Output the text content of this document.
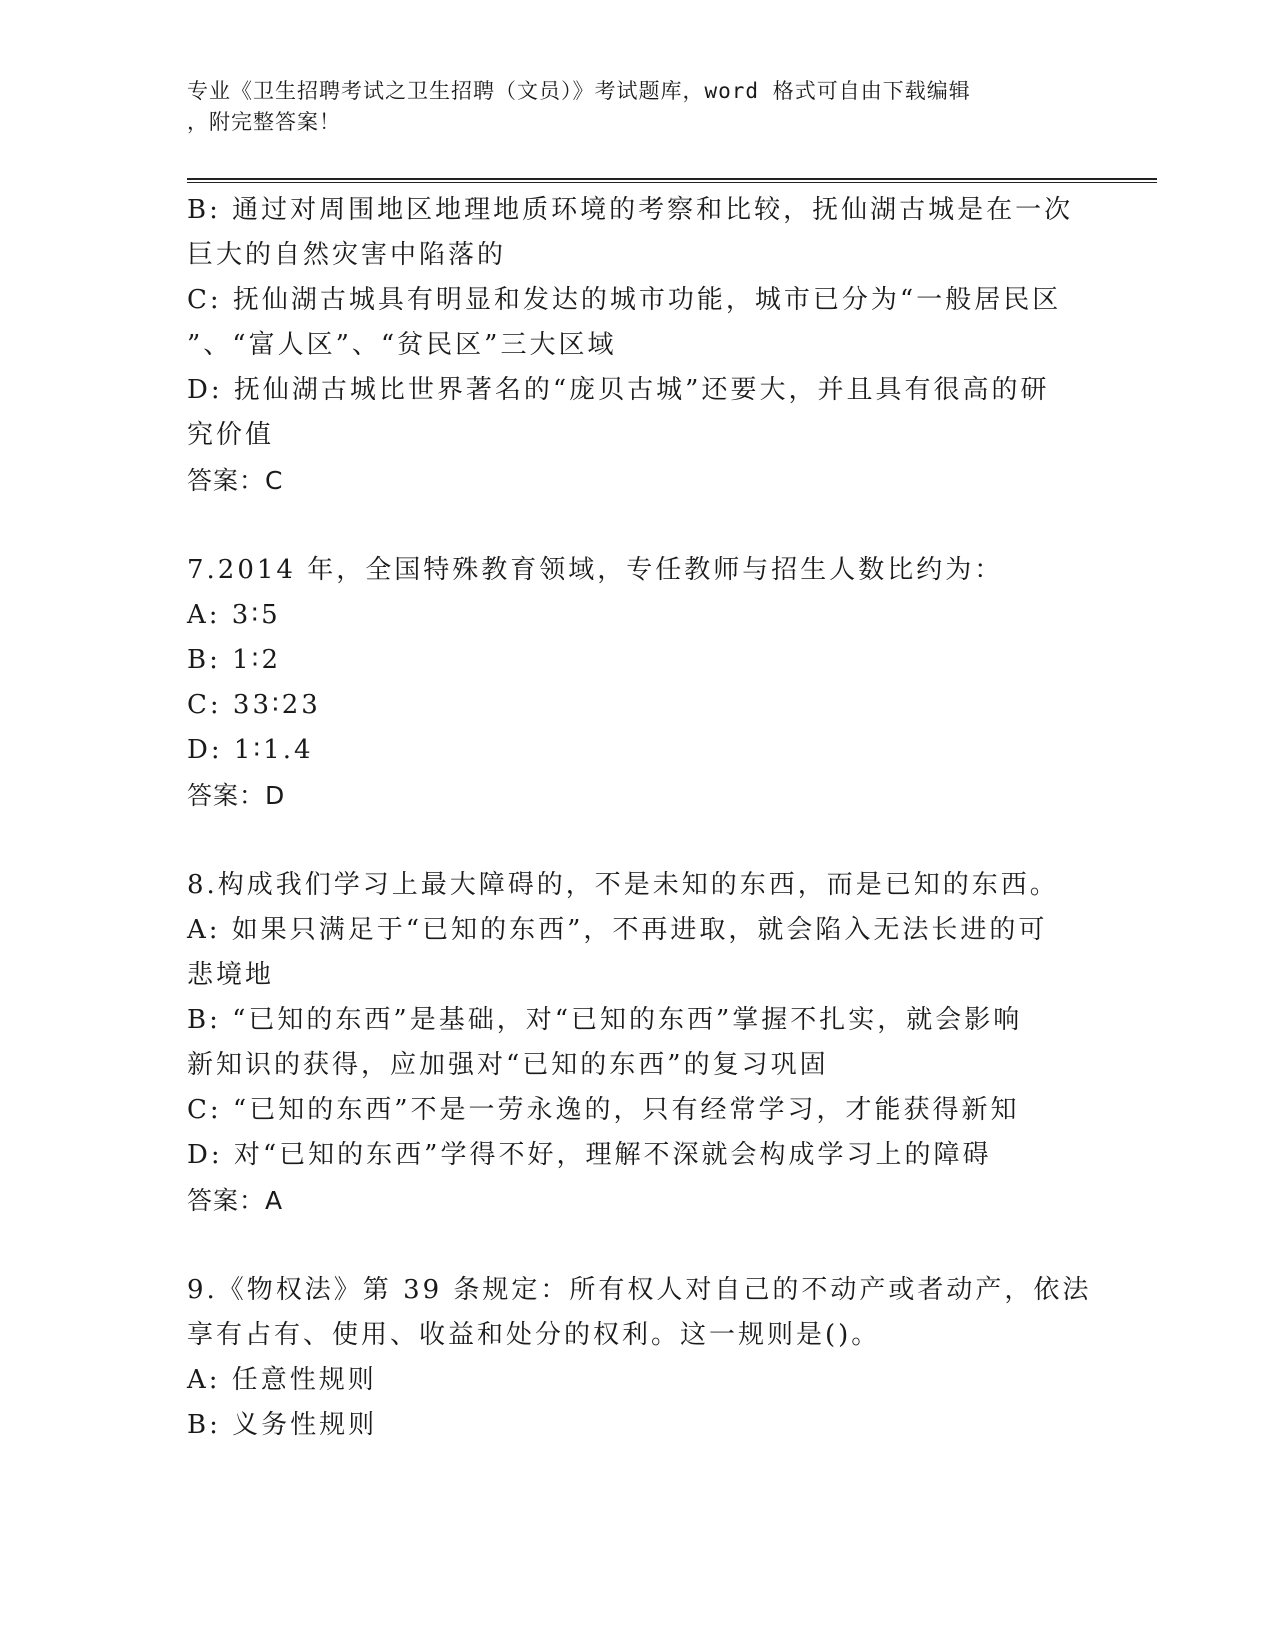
专业《卫生招聘考试之卫生招聘（文员）》考试题库，word 格式可自由下载编辑
，附完整答案！
B: 通过对周围地区地理地质环境的考察和比较，抚仙湖古城是在一次
巨大的自然灾害中陷落的
C: 抚仙湖古城具有明显和发达的城市功能，城市已分为“一般居民区
”、“富人区”、“贫民区”三大区域
D: 抚仙湖古城比世界著名的“庞贝古城”还要大，并且具有很高的研
究价值
答案：C
7.2014 年，全国特殊教育领域，专任教师与招生人数比约为：
A: 3∶5
B: 1∶2
C: 33∶23
D: 1∶1.4
答案：D
8.构成我们学习上最大障碍的，不是未知的东西，而是已知的东西。
A: 如果只满足于“已知的东西”，不再进取，就会陷入无法长进的可
悲境地
B: “已知的东西”是基础，对“已知的东西”掌握不扎实，就会影响
新知识的获得，应加强对“已知的东西”的复习巩固
C: “已知的东西”不是一劳永逸的，只有经常学习，才能获得新知
D: 对“已知的东西”学得不好，理解不深就会构成学习上的障碍
答案：A
9.《物权法》第 39 条规定：所有权人对自己的不动产或者动产，依法
享有占有、使用、收益和处分的权利。这一规则是()。
A: 任意性规则
B: 义务性规则
